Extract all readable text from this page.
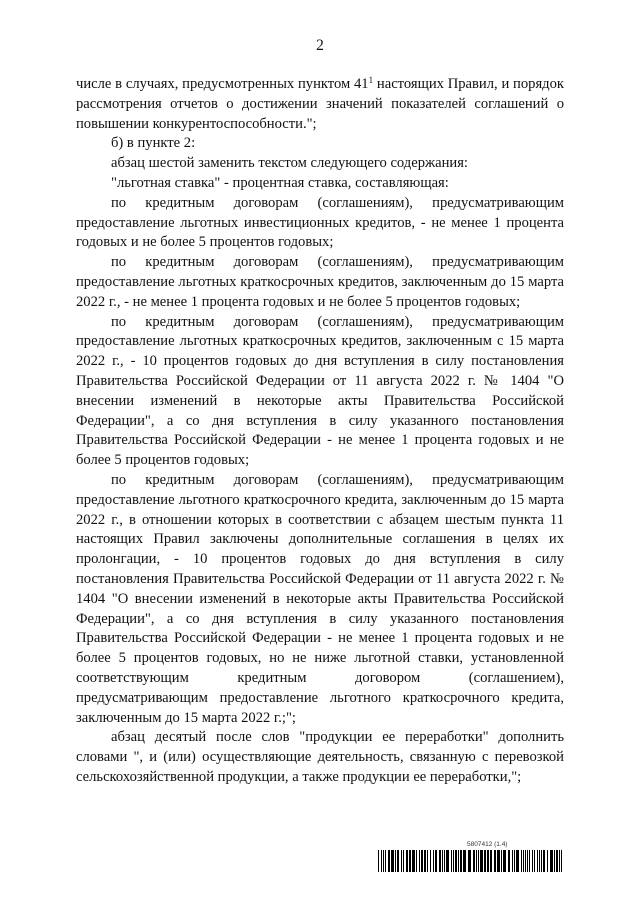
2

числе в случаях, предусмотренных пунктом $41^1$ настоящих Правил, и порядок рассмотрения отчетов о достижении значений показателей соглашений о повышении конкурентоспособности.";

б) в пункте 2:

абзац шестой заменить текстом следующего содержания:

"льготная ставка" - процентная ставка, составляющая:

по кредитным договорам (соглашениям), предусматривающим предоставление льготных инвестиционных кредитов, - не менее 1 процента годовых и не более 5 процентов годовых;

по кредитным договорам (соглашениям), предусматривающим предоставление льготных краткосрочных кредитов, заключенным до 15 марта 2022 г., - не менее 1 процента годовых и не более 5 процентов годовых;

по кредитным договорам (соглашениям), предусматривающим предоставление льготных краткосрочных кредитов, заключенным с 15 марта 2022 г., - 10 процентов годовых до дня вступления в силу постановления Правительства Российской Федерации от 11 августа 2022 г. № 1404 "О внесении изменений в некоторые акты Правительства Российской Федерации", а со дня вступления в силу указанного постановления Правительства Российской Федерации - не менее 1 процента годовых и не более 5 процентов годовых;

по кредитным договорам (соглашениям), предусматривающим предоставление льготного краткосрочного кредита, заключенным до 15 марта 2022 г., в отношении которых в соответствии с абзацем шестым пункта 11 настоящих Правил заключены дополнительные соглашения в целях их пролонгации, - 10 процентов годовых до дня вступления в силу постановления Правительства Российской Федерации от 11 августа 2022 г. № 1404 "О внесении изменений в некоторые акты Правительства Российской Федерации", а со дня вступления в силу указанного постановления Правительства Российской Федерации - не менее 1 процента годовых и не более 5 процентов годовых, но не ниже льготной ставки, установленной соответствующим кредитным договором (соглашением), предусматривающим предоставление льготного краткосрочного кредита, заключенным до 15 марта 2022 г.;";

абзац десятый после слов "продукции ее переработки" дополнить словами ", и (или) осуществляющие деятельность, связанную с перевозкой сельскохозяйственной продукции, а также продукции ее переработки,";

5807412 (1.4)
